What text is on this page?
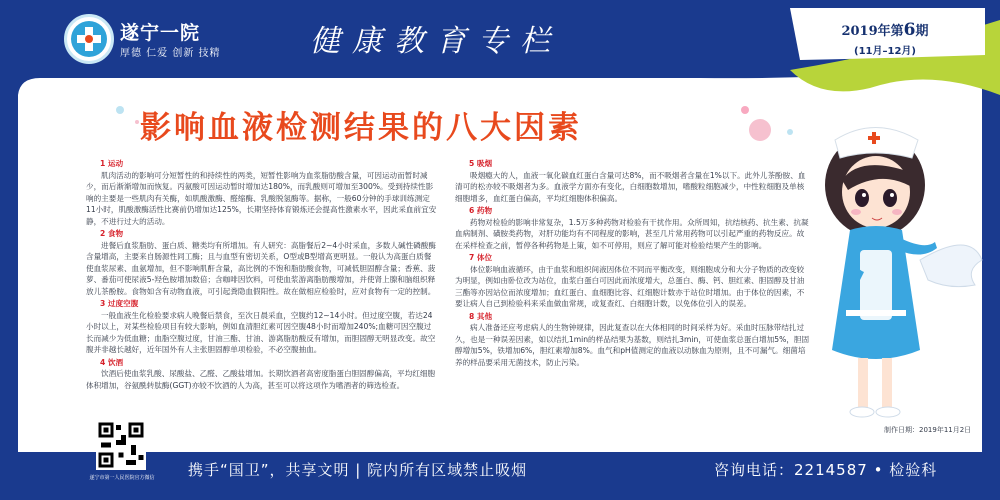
遂宁一院
厚德 仁爱 创新 技精	健康教育专栏	2019年第6期
(11月–12月)
影响血液检测结果的八大因素

1 运动

肌肉活动的影响可分短暂性的和持续性的两类，短暂性影响为血浆脂肪酸含量，可因运动而暂时减少，而后渐渐增加而恢复。丙氨酸可因运动暂时增加达180%，而乳酸则可增加至300%。受到持续性影响的主要是一些肌肉有关酶，如肌酸激酶、醛缩酶、乳酸脱氢酶等。据称，一般60分钟的手球训练测定11小时，肌酸激酶活性比赛前仍增加达125%，长期坚持体育锻炼还会提高性激素水平，因此采血前宜安静，不进行过大的活动。

2 食物

进餐后血浆脂肪、蛋白质、糖类均有所增加。有人研究：高脂餐后2~4小时采血，多数人碱性磷酸酶含量增高，主要来自肠源性同工酶；且与血型有密切关系，O型或B型增高更明显。一般认为高蛋白质餐使血浆尿素、血氨增加，但不影响肌酐含量，高比例的不饱和脂肪酸食物，可减低胆固醇含量；香蕉、菠萝、番茄可使尿液5-羟色胺增加数倍；含咖啡因饮料，可使血浆游离脂肪酸增加，并使肾上腺和脑组织释放儿茶酚胺。食物如含有动物血液，可引起粪隐血假阳性。故在做相应检验时，应对食物有一定的控制。

3 过度空腹

一般血液生化检验要求病人晚餐后禁食，至次日晨采血，空腹约12~14小时。但过度空腹，若达24小时以上，对某些检验项目有较大影响，例如血清胆红素可因空腹48小时而增加240%;血糖可因空腹过长而减少为低血糖；血脂空腹过度，甘油三酯、甘油、游离脂肪酸反有增加，而胆固醇无明显改变。故空腹并非越长越好，近年国外有人主张胆固醇单项检验，不必空腹抽血。

4 饮酒

饮酒后使血浆乳酸、尿酸盐、乙醛、乙酸盐增加。长期饮酒者高密度脂蛋白胆固醇偏高，平均红细胞体积增加，谷氨酰转肽酶(GGT)亦较不饮酒的人为高，甚至可以将这项作为嗜酒者的筛选检查。

5 吸烟

吸烟瘾大的人，血液一氧化碳血红蛋白含量可达8%，而不吸烟者含量在1%以下。此外儿茶酚胺、血清可的松亦较不吸烟者为多。血液学方面亦有变化，白细胞数增加，嗜酸粒细胞减少，中性粒细胞及单核细胞增多，血红蛋白偏高，平均红细胞体积偏高。

6 药物

药物对检验的影响非常复杂，1.5万多种药物对检验有干扰作用。众所周知，抗结核药、抗生素、抗凝血病制剂、磺胺类药物，对肝功能均有不同程度的影响，甚至几片常用药物可以引起严重的药物反应。故在采样检查之前，暂停各种药物是上策，如不可停用，则应了解可能对检验结果产生的影响。

7 体位

体位影响血液循环，由于血浆和组织间液因体位不同而平衡改变，则细胞成分和大分子物质的改变较为明显，例如由卧位改为站位，血浆白蛋白可因此而浓度增大，总蛋白、酶、钙、胆红素、胆固醇及甘油三酯等亦因站位而浓度增加；血红蛋白、血细胞比容、红细胞计数亦于站位时增加。由于体位的因素，不要让病人自己到检验科来采血做血常规，或复查红、白细胞计数，以免体位引入的误差。

8 其他

病人准备还应考虑病人的生物钟规律，因此复查以在大体相同的时间采样为好。采血时压脉带结扎过久，也是一种误差因素，如以结扎1min的样品结果为基数，则结扎3min，可使血浆总蛋白增加5%，胆固醇增加5%，铁增加6%，胆红素增加8%。血气和pH值测定的血液以动脉血为原则，且不可漏气。细菌培养的样品要采用无菌技术，防止污染。

制作日期：2019年11月2日
遂宁市第一人民医院官方微信	携手“国卫”，共享文明 | 院内所有区域禁止吸烟	咨询电话：2214587 • 检验科
